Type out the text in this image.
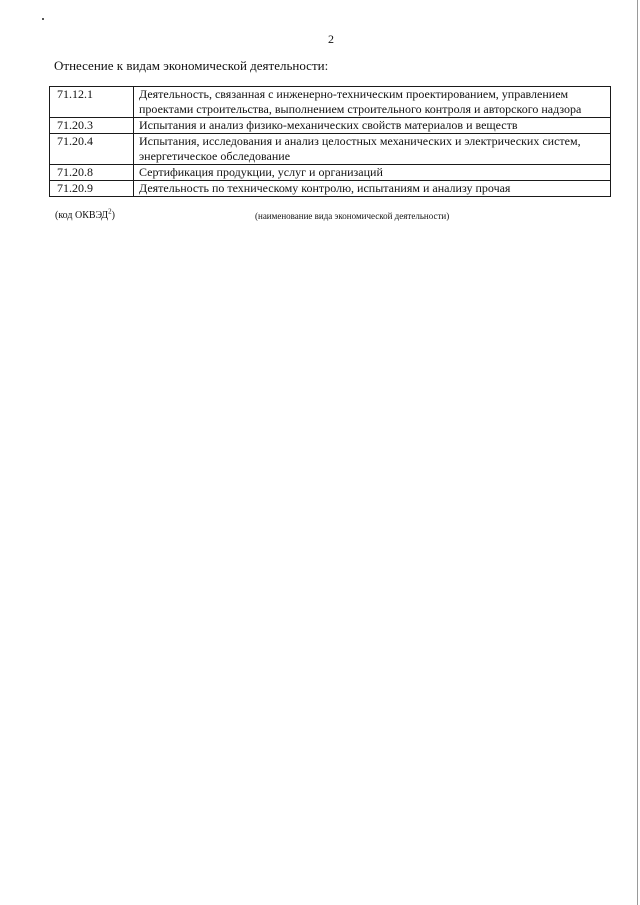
2
Отнесение к видам экономической деятельности:
71.12.1	Деятельность, связанная с инженерно-техническим проектированием, управлением проектами строительства, выполнением строительного контроля и авторского надзора
71.20.3	Испытания и анализ физико-механических свойств материалов и веществ
71.20.4	Испытания, исследования и анализ целостных механических и электрических систем, энергетическое обследование
71.20.8	Сертификация продукции, услуг и организаций
71.20.9	Деятельность по техническому контролю, испытаниям и анализу прочая
(код ОКВЭД$^2$)	(наименование вида экономической деятельности)
